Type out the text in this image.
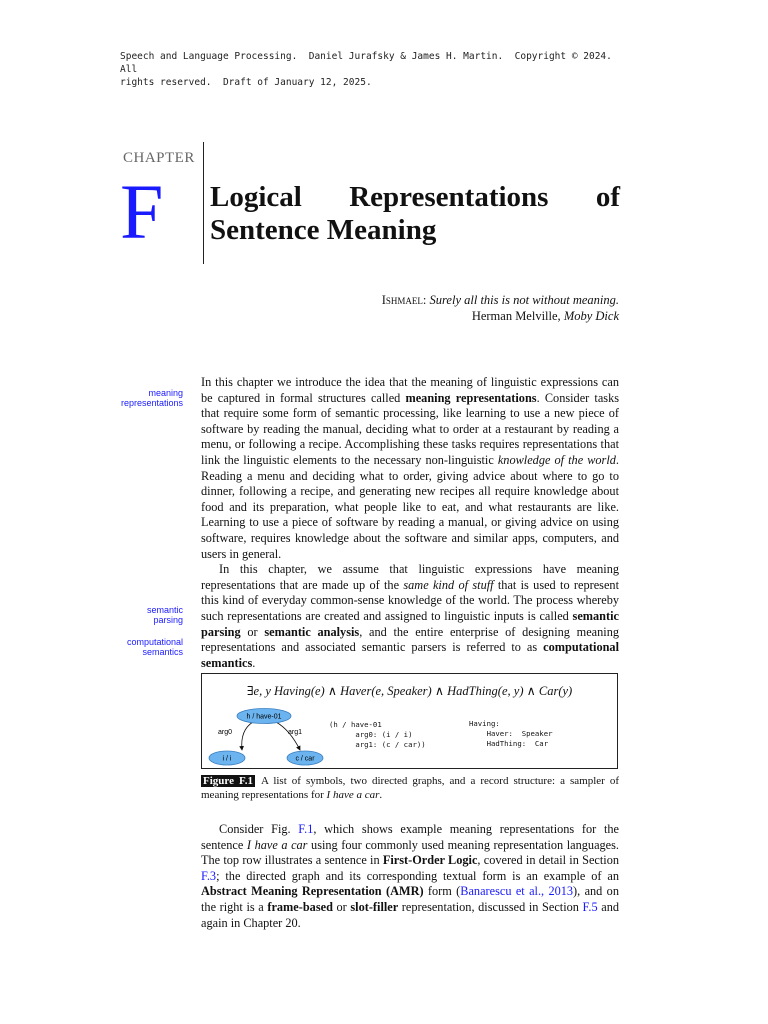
Speech and Language Processing.  Daniel Jurafsky & James H. Martin.  Copyright © 2024.  All
rights reserved.  Draft of January 12, 2025.
CHAPTER
F Logical Representations of
Sentence Meaning
Ishmael: Surely all this is not without meaning.
Herman Melville, Moby Dick
meaning
representations
semantic
parsing
computational
semantics

In this chapter we introduce the idea that the meaning of linguistic expressions can be captured in formal structures called meaning representations. Consider tasks that require some form of semantic processing, like learning to use a new piece of software by reading the manual, deciding what to order at a restaurant by reading a menu, or following a recipe. Accomplishing these tasks requires representations that link the linguistic elements to the necessary non-linguistic knowledge of the world. Reading a menu and deciding what to order, giving advice about where to go to dinner, following a recipe, and generating new recipes all require knowledge about food and its preparation, what people like to eat, and what restaurants are like. Learning to use a piece of software by reading a manual, or giving advice on using software, requires knowledge about the software and similar apps, computers, and users in general.

In this chapter, we assume that linguistic expressions have meaning representations that are made up of the same kind of stuff that is used to represent this kind of everyday common-sense knowledge of the world. The process whereby such representations are created and assigned to linguistic inputs is called semantic parsing or semantic analysis, and the entire enterprise of designing meaning representations and associated semantic parsers is referred to as computational semantics.

∃e, y Having(e) ∧ Haver(e, Speaker) ∧ HadThing(e, y) ∧ Car(y)
h / have-01
i / i	c / car
arg0	arg1
(h / have-01
arg0: (i / i)
arg1: (c / car))
Having:
Haver:  Speaker
HadThing:  Car
Figure F.1 A list of symbols, two directed graphs, and a record structure: a sampler of meaning representations for I have a car.

Consider Fig. F.1, which shows example meaning representations for the sentence I have a car using four commonly used meaning representation languages. The top row illustrates a sentence in First-Order Logic, covered in detail in Section F.3; the directed graph and its corresponding textual form is an example of an Abstract Meaning Representation (AMR) form (Banarescu et al., 2013), and on the right is a frame-based or slot-filler representation, discussed in Section F.5 and again in Chapter 20.
